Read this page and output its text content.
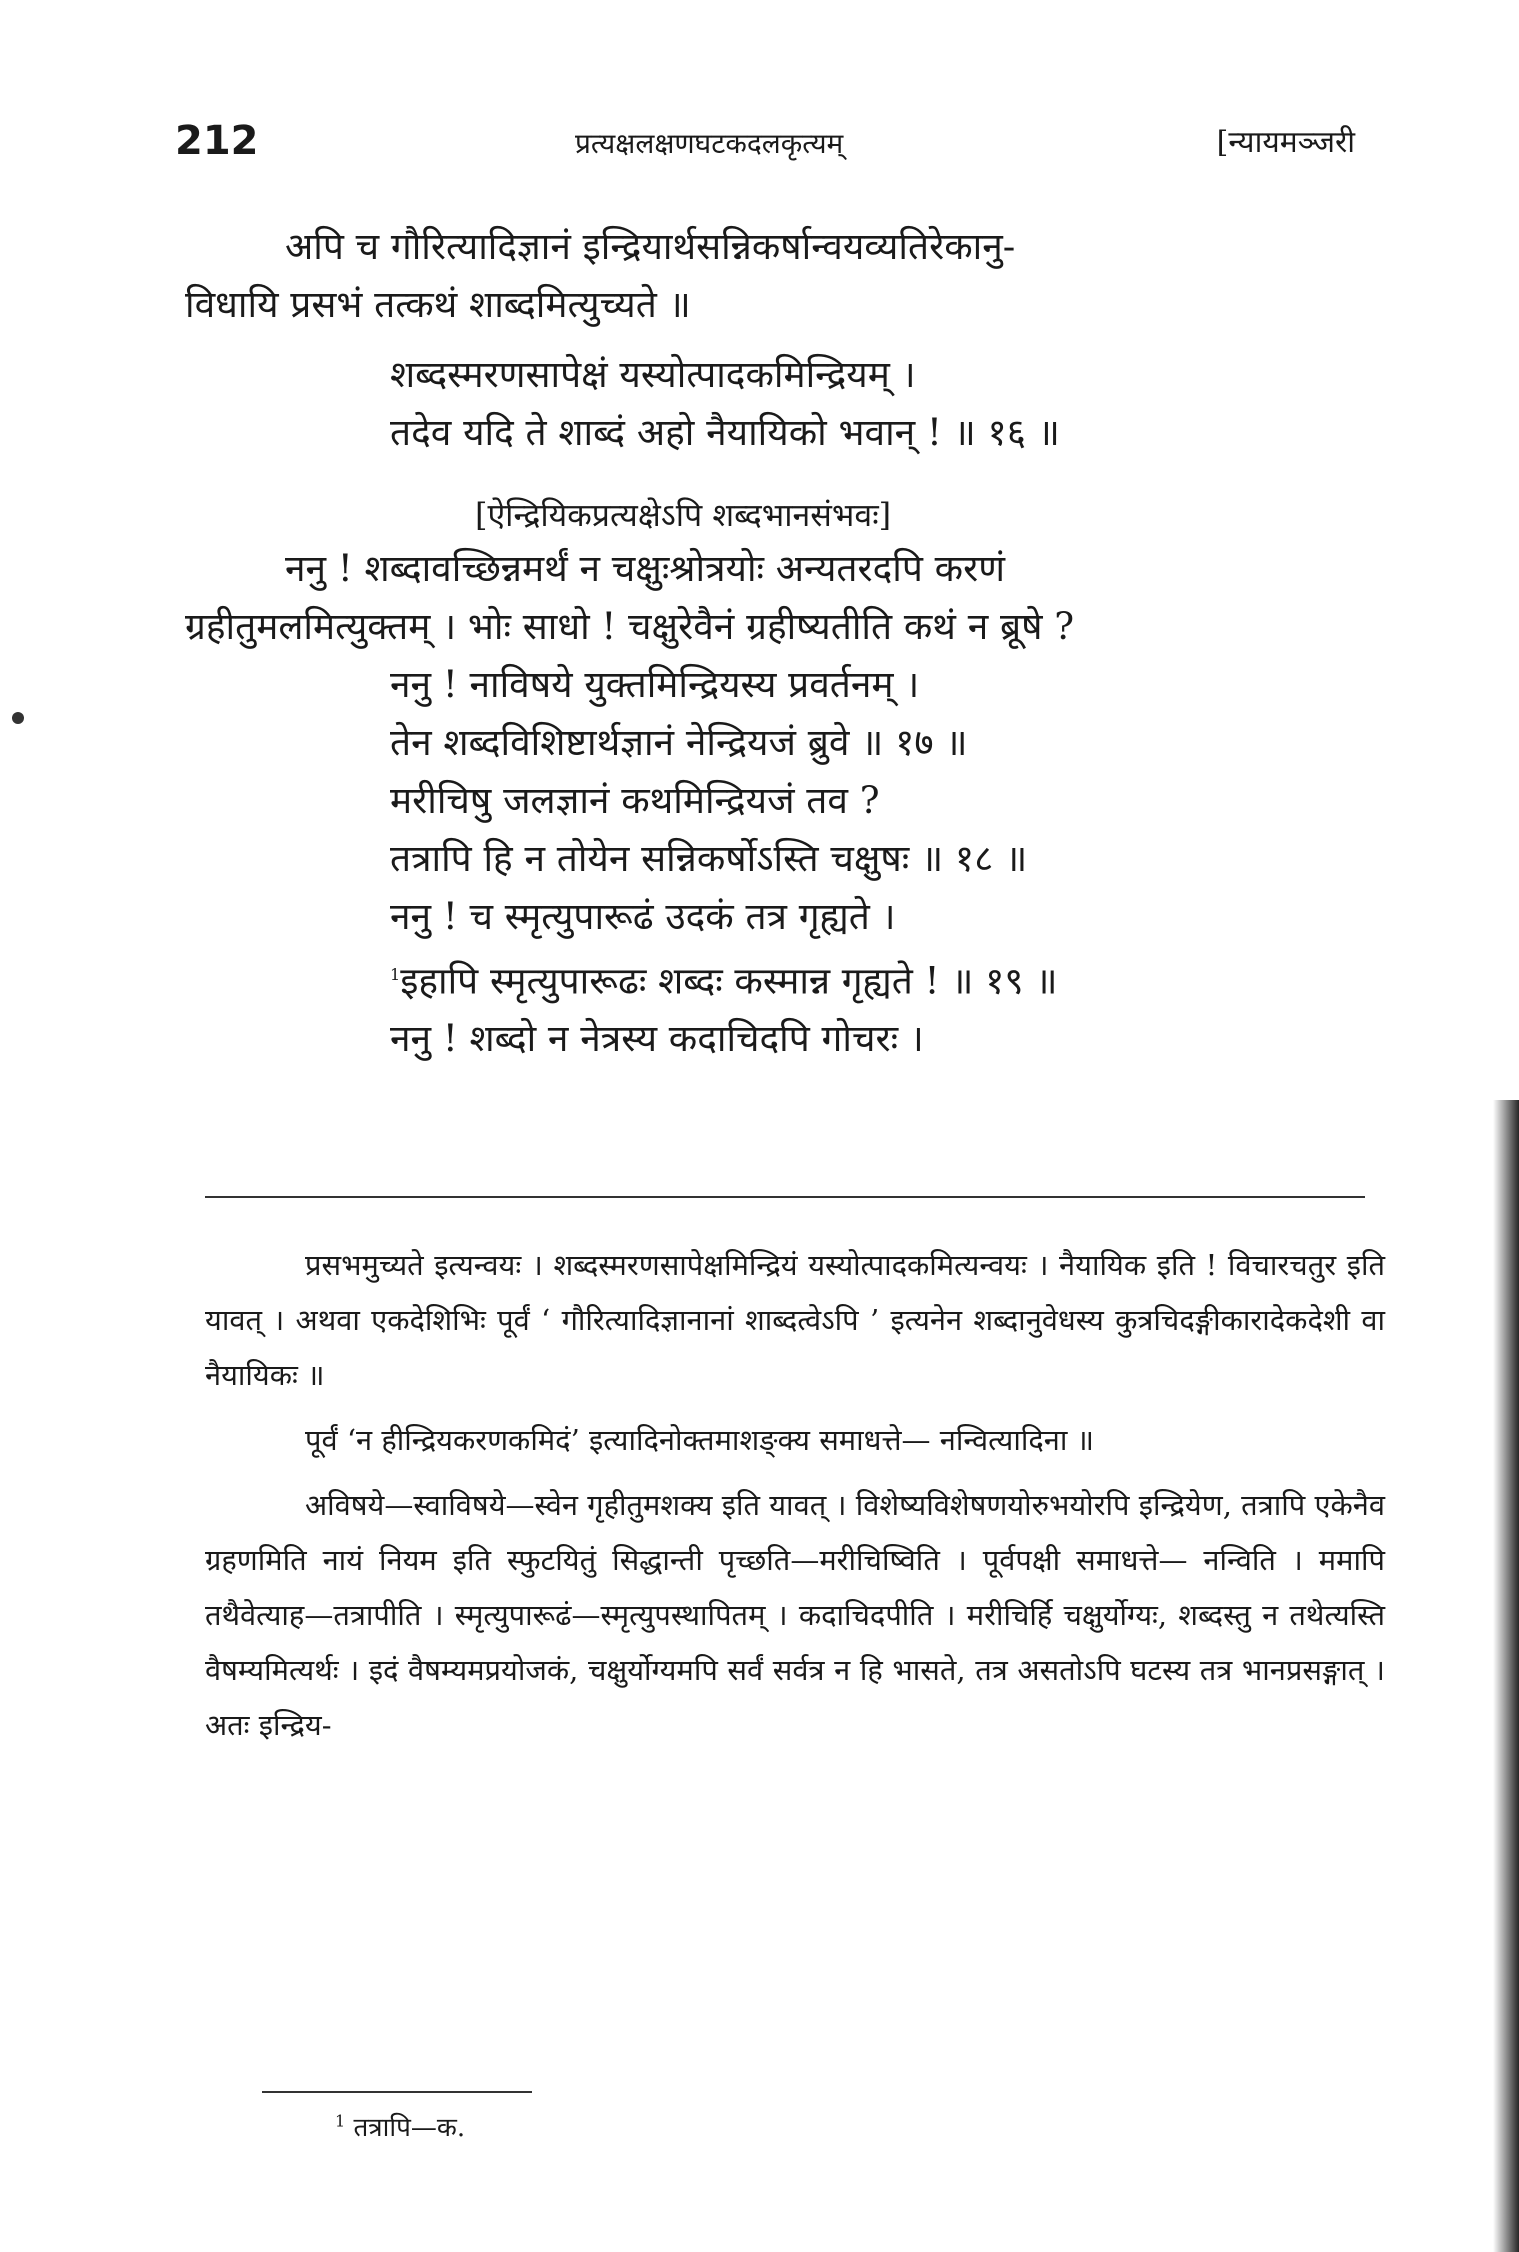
212	प्रत्यक्षलक्षणघटकदलकृत्यम्	[न्यायमञ्जरी
अपि च गौरित्यादिज्ञानं इन्द्रियार्थसन्निकर्षान्वयव्यतिरेकानु-
विधायि प्रसभं तत्कथं शाब्दमित्युच्यते ॥
शब्दस्मरणसापेक्षं यस्योत्पादकमिन्द्रियम् ।
तदेव यदि ते शाब्दं अहो नैयायिको भवान् ! ॥ १६ ॥
[ऐन्द्रियिकप्रत्यक्षेऽपि शब्दभानसंभवः]
ननु ! शब्दावच्छिन्नमर्थं न चक्षुःश्रोत्रयोः अन्यतरदपि करणं
ग्रहीतुमलमित्युक्तम् । भोः साधो ! चक्षुरेवैनं ग्रहीष्यतीति कथं न ब्रूषे ?
ननु ! नाविषये युक्तमिन्द्रियस्य प्रवर्तनम् ।
तेन शब्दविशिष्टार्थज्ञानं नेन्द्रियजं ब्रुवे ॥ १७ ॥
मरीचिषु जलज्ञानं कथमिन्द्रियजं तव ?
तत्रापि हि न तोयेन सन्निकर्षोऽस्ति चक्षुषः ॥ १८ ॥
ननु ! च स्मृत्युपारूढं उदकं तत्र गृह्यते ।
$^1$इहापि स्मृत्युपारूढः शब्दः कस्मान्न गृह्यते ! ॥ १९ ॥
ननु ! शब्दो न नेत्रस्य कदाचिदपि गोचरः ।

प्रसभमुच्यते इत्यन्वयः । शब्दस्मरणसापेक्षमिन्द्रियं यस्योत्पादकमित्यन्वयः । नैयायिक इति ! विचारचतुर इति यावत् । अथवा एकदेशिभिः पूर्वं ‘ गौरित्यादिज्ञानानां शाब्दत्वेऽपि ’ इत्यनेन शब्दानुवेधस्य कुत्रचिदङ्गीकारादेकदेशी वा नैयायिकः ॥

पूर्वं ‘न हीन्द्रियकरणकमिदं’ इत्यादिनोक्तमाशङ्क्य समाधत्ते— नन्वित्यादिना ॥

अविषये—स्वाविषये—स्वेन गृहीतुमशक्य इति यावत् । विशेष्यविशेषणयोरुभयोरपि इन्द्रियेण, तत्रापि एकेनैव ग्रहणमिति नायं नियम इति स्फुटयितुं सिद्धान्ती पृच्छति—मरीचिष्विति । पूर्वपक्षी समाधत्ते— नन्विति । ममापि तथैवेत्याह—तत्रापीति । स्मृत्युपारूढं—स्मृत्युपस्थापितम् । कदाचिदपीति । मरीचिर्हि चक्षुर्योग्यः, शब्दस्तु न तथेत्यस्ति वैषम्यमित्यर्थः । इदं वैषम्यमप्रयोजकं, चक्षुर्योग्यमपि सर्वं सर्वत्र न हि भासते, तत्र असतोऽपि घटस्य तत्र भानप्रसङ्गात् । अतः इन्द्रिय-

$^1$ तत्रापि—क.
